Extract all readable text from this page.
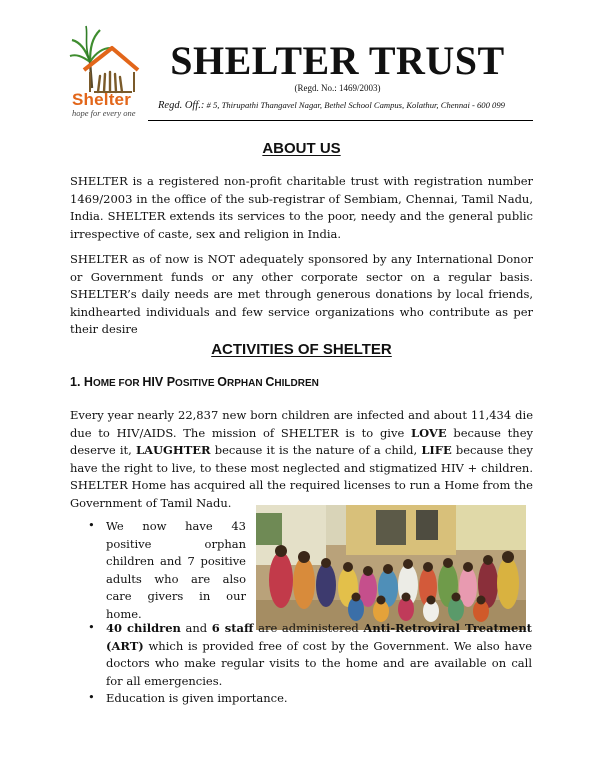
Shelter
hope for every one
SHELTER TRUST
(Regd. No.: 1469/2003)
Regd. Off.: # 5, Thirupathi Thangavel Nagar, Bethel School Campus, Kolathur, Chennai - 600 099
ABOUT US
SHELTER is a registered non-profit charitable trust with registration number 1469/2003 in the office of the sub-registrar of Sembiam, Chennai, Tamil Nadu, India. SHELTER extends its services to the poor, needy and the general public irrespective of caste, sex and religion in India.
SHELTER as of now is NOT adequately sponsored by any International Donor or Government funds or any other corporate sector on a regular basis. SHELTER’s daily needs are met through generous donations by local friends, kindhearted individuals and few service organizations who contribute as per their desire
ACTIVITIES OF SHELTER
1. HOME FOR HIV POSITIVE ORPHAN CHILDREN
Every year nearly 22,837 new born children are infected and about 11,434 die due to HIV/AIDS. The mission of SHELTER is to give LOVE because they deserve it, LAUGHTER because it is the nature of a child, LIFE because they have the right to live, to these most neglected and stigmatized HIV + children. SHELTER Home has acquired all the required licenses to run a Home from the Government of Tamil Nadu.
• We now have 43 positive orphan children and 7 positive adults who are also care givers in our home.
• 40 children and 6 staff are administered Anti-Retroviral Treatment (ART) which is provided free of cost by the Government. We also have doctors who make regular visits to the home and are available on call for all emergencies.
• Education is given importance.
